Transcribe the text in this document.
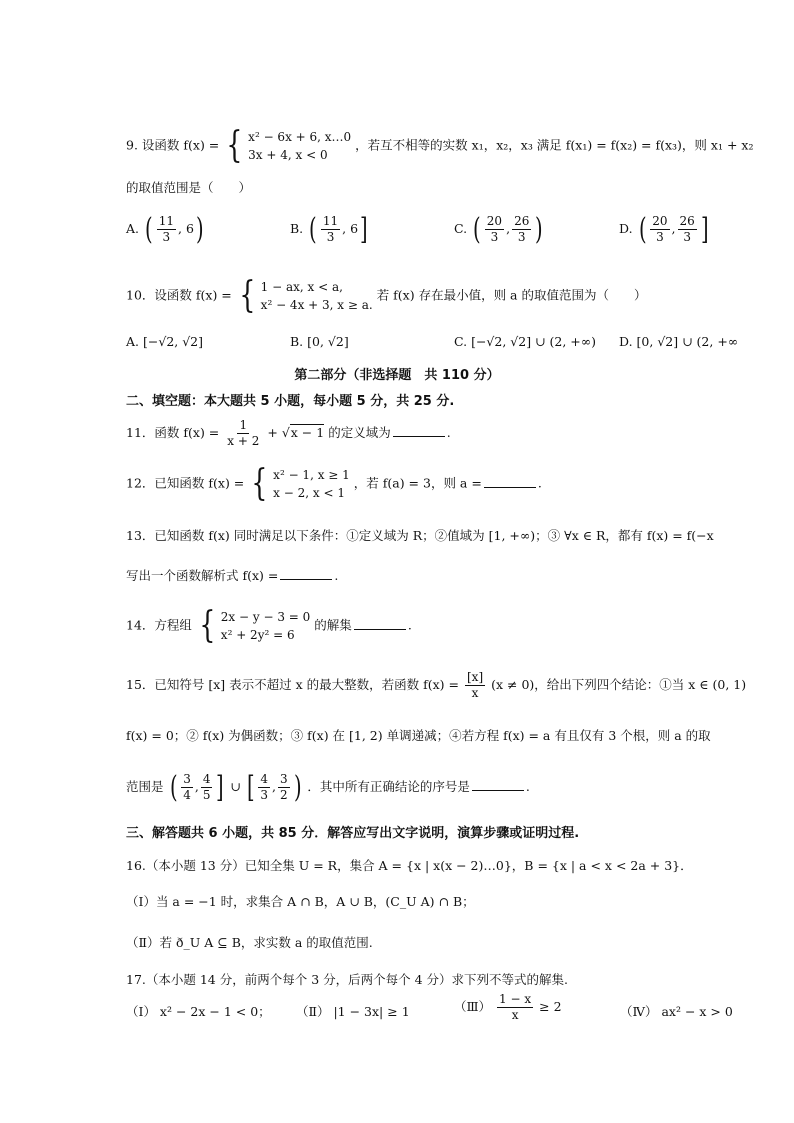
9. 设函数 f(x) = { x² − 6x + 6, x…0
3x + 4, x < 0
，若互不相等的实数 x₁，x₂，x₃ 满足 f(x₁) = f(x₂) = f(x₃)，则 x₁ + x₂
的取值范围是（　　）
A. ( $\frac{11}{3}$ , 6)	B. ( $\frac{11}{3}$ , 6]	C. ( $\frac{20}{3}$ , $\frac{26}{3}$ )	D. ( $\frac{20}{3}$ , $\frac{26}{3}$ ]
10．设函数 f(x) = { 1 − ax, x < a,
x² − 4x + 3, x ≥ a.
若 f(x) 存在最小值，则 a 的取值范围为（　　）
A. [−√2, √2]	B. [0, √2]	C. [−√2, √2] ∪ (2, +∞) D. [0, √2] ∪ (2, +∞
第二部分（非选择题　共 110 分）
二、填空题：本大题共 5 小题，每小题 5 分，共 25 分.
11．函数 $f(x) = \frac{1}{x + 2} + √x - 1$ 的定义域为	.
12．已知函数 f(x) = { x² − 1, x ≥ 1
x − 2, x < 1
，若 f(a) = 3，则 a =	.
13．已知函数 f(x) 同时满足以下条件：①定义域为 R；②值域为 [1, +∞)；③ ∀x ∈ R，都有 f(x) = f(−x
写出一个函数解析式 f(x) =	.
14．方程组 { 2x − y − 3 = 0
x² + 2y² = 6
的解集	.
15．已知符号 [x] 表示不超过 x 的最大整数，若函数 $f(x) = \frac{[x]}{x} (x \ne 0)$，给出下列四个结论：①当 x ∈ (0, 1)
f(x) = 0；② f(x) 为偶函数；③ f(x) 在 [1, 2) 单调递减；④若方程 f(x) = a 有且仅有 3 个根，则 a 的取
范围是 ( $\frac{3}{4}$ , $\frac{4}{5}$ ] ∪ [ $\frac{4}{3}$ , $\frac{3}{2}$ ) ．其中所有正确结论的序号是	.
三、解答题共 6 小题，共 85 分．解答应写出文字说明，演算步骤或证明过程.
16.（本小题 13 分）已知全集 U = R，集合 A = {x | x(x − 2)…0}，B = {x | a < x < 2a + 3}．
（Ⅰ）当 a = −1 时，求集合 A ∩ B，A ∪ B，(C_U A) ∩ B；
（Ⅱ）若 ð_U A ⊆ B，求实数 a 的取值范围.
17.（本小题 14 分，前两个每个 3 分，后两个每个 4 分）求下列不等式的解集.
（Ⅰ） x² − 2x − 1 < 0； （Ⅱ） |1 − 3x| ≥ 1	（Ⅲ） $\frac{1 - x}{x} \ge 2$	（Ⅳ） ax² − x > 0
